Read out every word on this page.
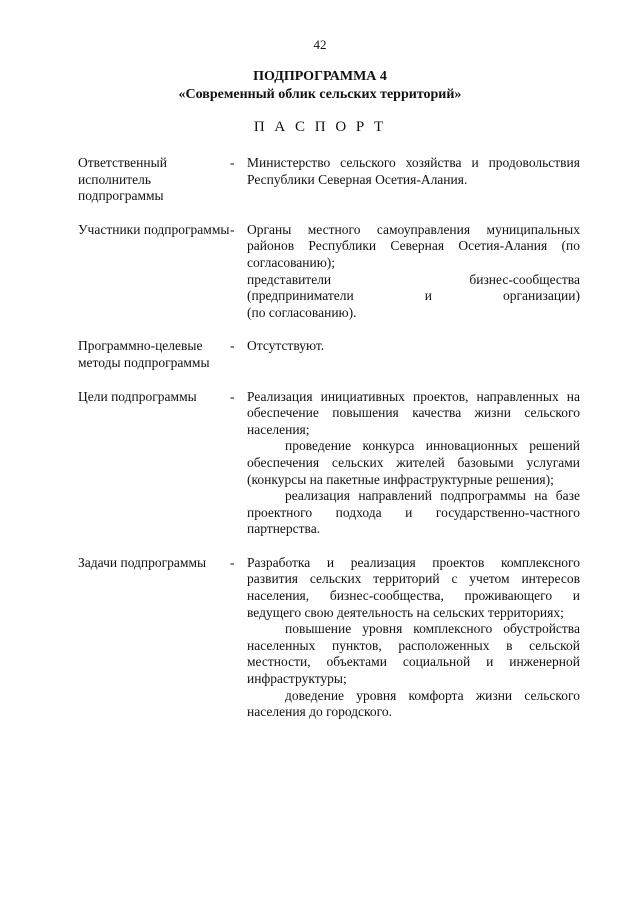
42
ПОДПРОГРАММА 4
«Современный облик сельских территорий»
П А С П О Р Т
Ответственный исполнитель подпрограммы
- Министерство сельского хозяйства и продовольствия Республики Северная Осетия-Алания.
Участники подпрограммы - Органы местного самоуправления муниципальных районов Республики Северная Осетия-Алания (по согласованию);
представители бизнес-сообщества
(предприниматели и организации)
(по согласованию).
Программно-целевые методы подпрограммы
- Отсутствуют.
Цели подпрограммы	- Реализация инициативных проектов, направленных на обеспечение повышения качества жизни сельского населения;
проведение конкурса инновационных решений обеспечения сельских жителей базовыми услугами (конкурсы на пакетные инфраструктурные решения);
реализация направлений подпрограммы на базе проектного подхода и государственно-частного партнерства.
Задачи подпрограммы	- Разработка и реализация проектов комплексного развития сельских территорий с учетом интересов населения, бизнес-сообщества, проживающего и ведущего свою деятельность на сельских территориях;
повышение уровня комплексного обустройства населенных пунктов, расположенных в сельской местности, объектами социальной и инженерной инфраструктуры;
доведение уровня комфорта жизни сельского населения до городского.
